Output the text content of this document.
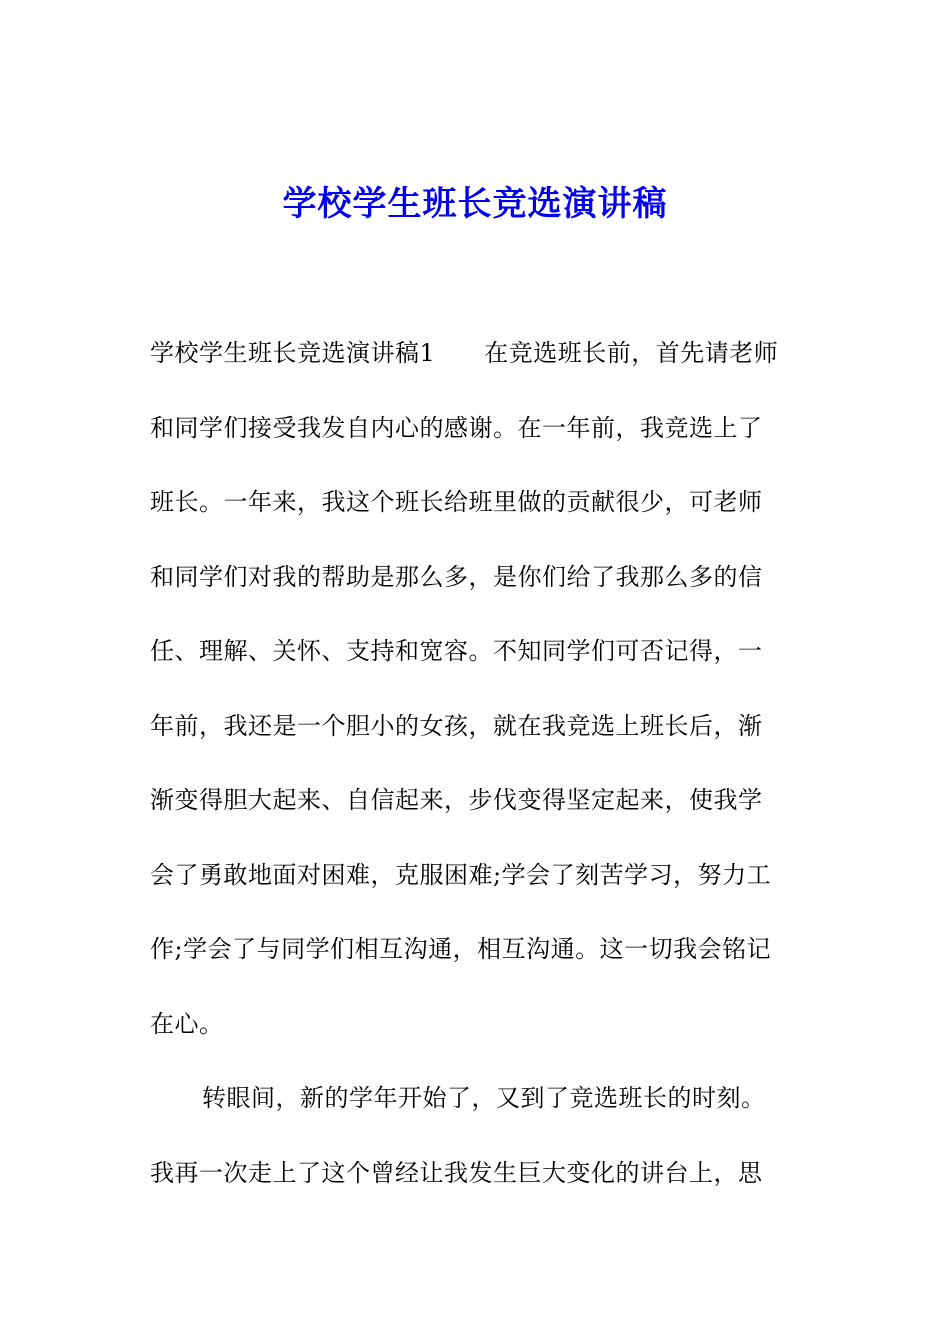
学校学生班长竞选演讲稿
学校学生班长竞选演讲稿1　　在竞选班长前，首先请老师
和同学们接受我发自内心的感谢。在一年前，我竞选上了
班长。一年来，我这个班长给班里做的贡献很少，可老师
和同学们对我的帮助是那么多，是你们给了我那么多的信
任、理解、关怀、支持和宽容。不知同学们可否记得，一
年前，我还是一个胆小的女孩，就在我竞选上班长后，渐
渐变得胆大起来、自信起来，步伐变得坚定起来，使我学
会了勇敢地面对困难，克服困难;学会了刻苦学习，努力工
作;学会了与同学们相互沟通，相互沟通。这一切我会铭记
在心。
转眼间，新的学年开始了，又到了竞选班长的时刻。
我再一次走上了这个曾经让我发生巨大变化的讲台上，思
